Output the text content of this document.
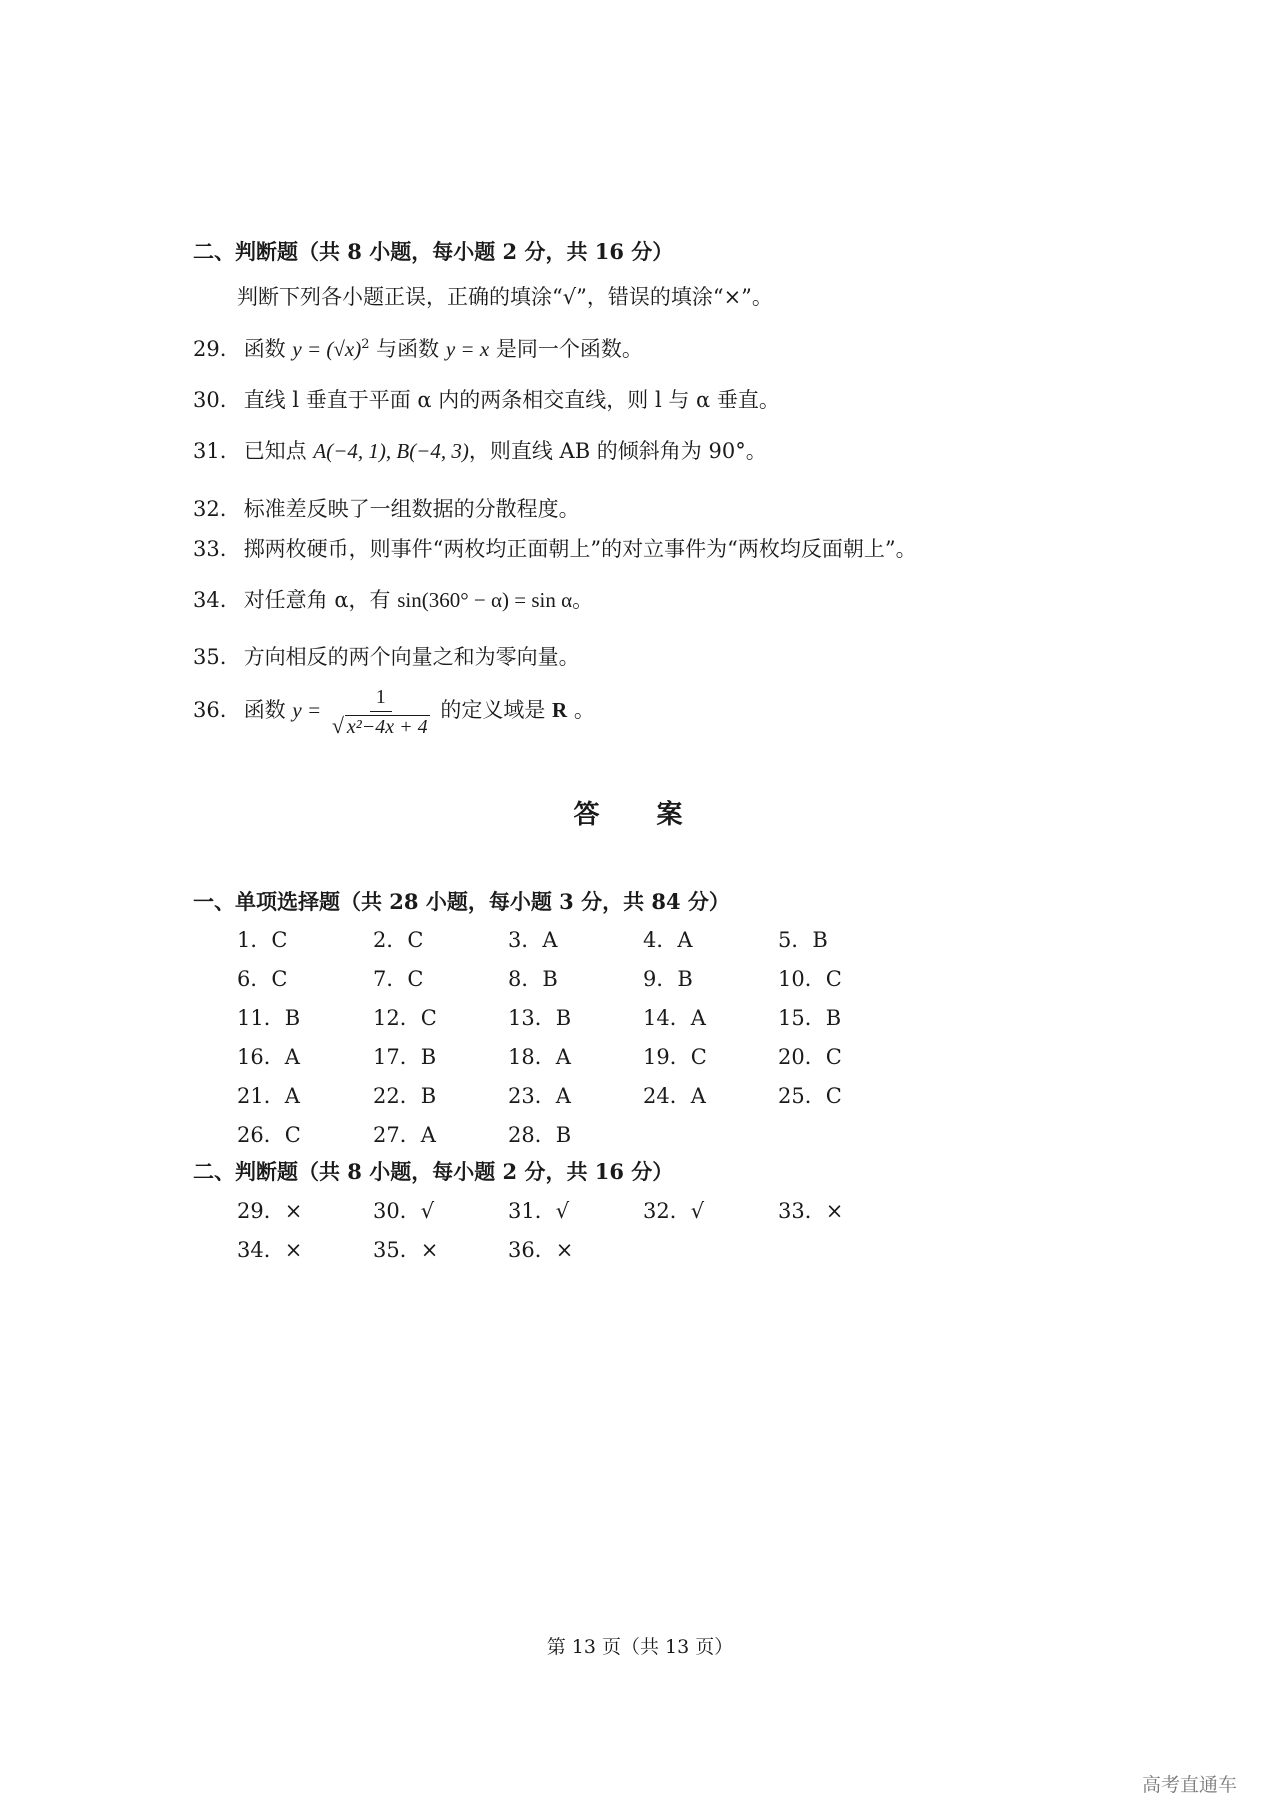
二、判断题（共 8 小题，每小题 2 分，共 16 分）
判断下列各小题正误，正确的填涂“√”，错误的填涂“×”。
29. 函数 $y = (√x)^2$ 与函数 y = x 是同一个函数。
30. 直线 l 垂直于平面 α 内的两条相交直线，则 l 与 α 垂直。
31. 已知点 A(−4, 1), B(−4, 3)，则直线 AB 的倾斜角为 90°。
32. 标准差反映了一组数据的分散程度。
33. 掷两枚硬币，则事件“两枚均正面朝上”的对立事件为“两枚均反面朝上”。
34. 对任意角 α，有 sin(360° − α) = sin α。
35. 方向相反的两个向量之和为零向量。
36. 函数 $y = \frac{1}{\text{√ x²−4x + 4}}$ 的定义域是 R 。
答 案
一、单项选择题（共 28 小题，每小题 3 分，共 84 分）
1．C	2．C	3．A	4．A	5．B
6．C	7．C	8．B	9．B	10．C
11．B	12．C	13．B	14．A	15．B
16．A	17．B	18．A	19．C	20．C
21．A	22．B	23．A	24．A	25．C
26．C	27．A	28．B
二、判断题（共 8 小题，每小题 2 分，共 16 分）
29．×	30．√	31．√	32．√	33．×
34．×	35．×	36．×
第 13 页（共 13 页）
高考直通车
